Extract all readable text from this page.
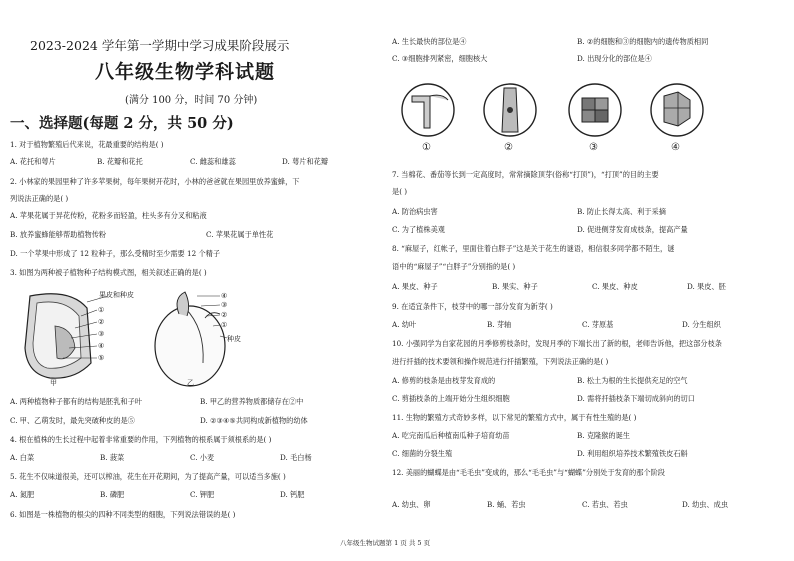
2023-2024 学年第一学期中学习成果阶段展示
八年级生物学科试题
(满分 100 分，时间 70 分钟)
一、选择题(每题 2 分，共 50 分)
1. 对于植物繁殖后代来说，花最重要的结构是( )
A. 花托和萼片	B. 花瓣和花托	C. 雌蕊和雄蕊	D. 萼片和花瓣
2. 小林家的果园里种了许多苹果树，每年果树开花时，小林的爸爸就在果园里放养蜜蜂，下
列说法正确的是( )
A. 苹果花属于异花传粉，花粉多而轻盈，柱头多有分叉和粘液
B. 放养蜜蜂能够帮助植物传粉	C. 苹果花属于单性花
D. 一个苹果中形成了 12 粒种子，那么受精时至少需要 12 个精子
3. 如图为两种被子植物种子结构模式图，相关叙述正确的是( )
果皮和种皮
①
②
③
④
⑤
甲
④
③
②
①
种皮
乙
A. 两种植物种子都有的结构是胚乳和子叶	B. 甲乙的营养物质都储存在②中
C. 甲、乙萌发时，最先突破种皮的是⑤	D. ②③④⑤共同构成新植物的幼体
4. 根在植株的生长过程中起着非常重要的作用，下列植物的根系属于须根系的是( )
A. 白菜	B. 菠菜	C. 小麦	D. 毛白杨
5. 花生不仅味道很美，还可以榨油，花生在开花期间，为了提高产量，可以适当多施( )
A. 氮肥	B. 磷肥	C. 钾肥	D. 钙肥
6. 如图是一株植物的根尖的四种不同类型的细胞，下列说法错误的是( )
A. 生长最快的部位是④	B. ②的细胞和③的细胞内的遗传物质相同
C. ③细胞排列紧密，细胞核大	D. 出现分化的部位是④
①	②	③	④
7. 当棉花、番茄等长到一定高度时，常常摘除顶芽(俗称“打顶”)，“打顶”的目的主要
是( )
A. 防治病虫害	B. 防止长得太高、利于采摘
C. 为了植株美观	D. 促进侧芽发育成枝条，提高产量
8. “麻屋子，红帐子，里面住着白胖子”这是关于花生的谜语，相信很多同学都不陌生，谜
语中的“麻屋子”“白胖子”分别指的是( )
A. 果皮、种子	B. 果实、种子	C. 果皮、种皮	D. 果皮、胚
9. 在适宜条件下，枝芽中的哪一部分发育为新芽( )
A. 幼叶	B. 芽轴	C. 芽原基	D. 分生组织
10. 小强同学为自家花园的月季修剪枝条时，发现月季的下端长出了新的根，老师告诉他，把这部分枝条
进行扦插的技术要领和操作规范进行扦插繁殖，下列说法正确的是( )
A. 修剪的枝条是由枝芽发育成的	B. 松土为根的生长提供充足的空气
C. 剪插枝条的上端开始分生组织细胞	D. 需将扦插枝条下端切成斜向的切口
11. 生物的繁殖方式奇妙多样，以下常见的繁殖方式中，属于有性生殖的是( )
A. 吃完南瓜后种植南瓜种子培育幼苗	B. 克隆猴的诞生
C. 细菌的分裂生殖	D. 利用组织培养技术繁殖铁皮石斛
12. 美丽的蝴蝶是由“毛毛虫”变成的，那么“毛毛虫”与“蝴蝶”分别处于发育的那个阶段
A. 幼虫、卵	B. 蛹、若虫	C. 若虫、若虫	D. 幼虫、成虫
八年级生物试题第 1 页 共 5 页
